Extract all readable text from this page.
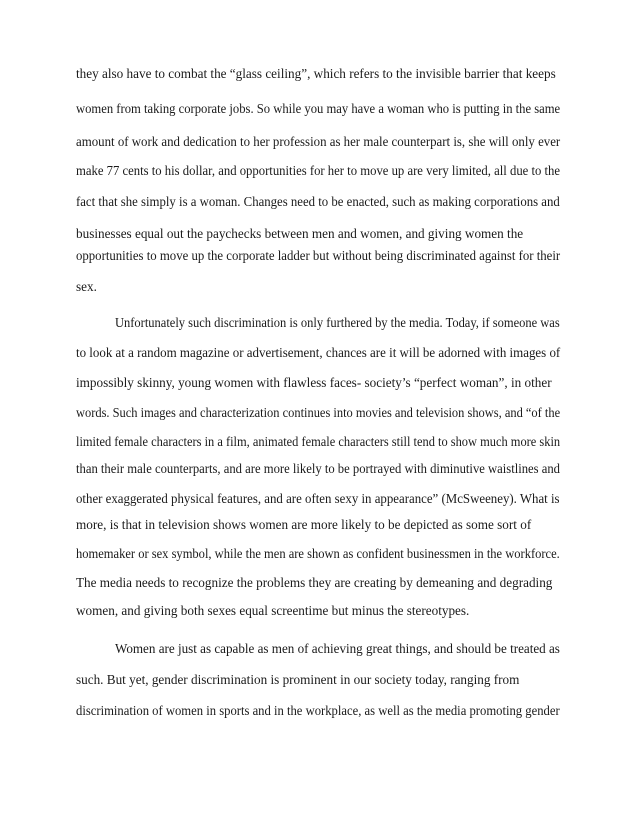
they also have to combat the “glass ceiling”, which refers to the invisible barrier that keeps

women from taking corporate jobs. So while you may have a woman who is putting in the same

amount of work and dedication to her profession as her male counterpart is, she will only ever

make 77 cents to his dollar, and opportunities for her to move up are very limited, all due to the

fact that she simply is a woman. Changes need to be enacted, such as making corporations and

businesses equal out the paychecks between men and women, and giving women the

opportunities to move up the corporate ladder but without being discriminated against for their

sex.

Unfortunately such discrimination is only furthered by the media. Today, if someone was

to look at a random magazine or advertisement, chances are it will be adorned with images of

impossibly skinny, young women with flawless faces- society’s “perfect woman”, in other

words. Such images and characterization continues into movies and television shows, and “of the

limited female characters in a film, animated female characters still tend to show much more skin

than their male counterparts, and are more likely to be portrayed with diminutive waistlines and

other exaggerated physical features, and are often sexy in appearance” (McSweeney). What is

more, is that in television shows women are more likely to be depicted as some sort of

homemaker or sex symbol, while the men are shown as confident businessmen in the workforce.

The media needs to recognize the problems they are creating by demeaning and degrading

women, and giving both sexes equal screentime but minus the stereotypes.

Women are just as capable as men of achieving great things, and should be treated as

such. But yet, gender discrimination is prominent in our society today, ranging from

discrimination of women in sports and in the workplace, as well as the media promoting gender
